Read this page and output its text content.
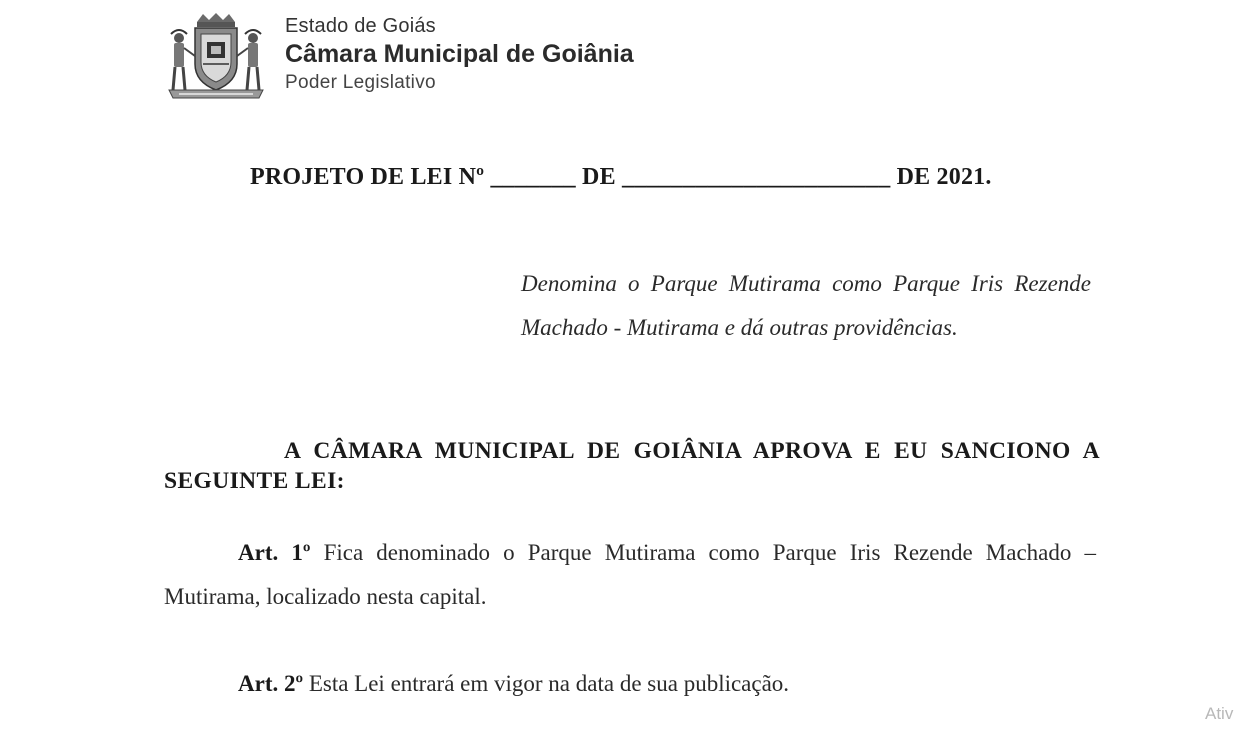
Estado de Goiás
Câmara Municipal de Goiânia
Poder Legislativo
PROJETO DE LEI Nº _______ DE ______________________ DE 2021.
Denomina o Parque Mutirama como Parque Iris Rezende Machado - Mutirama e dá outras providências.
A CÂMARA MUNICIPAL DE GOIÂNIA APROVA E EU SANCIONO A SEGUINTE LEI:
Art. 1º Fica denominado o Parque Mutirama como Parque Iris Rezende Machado – Mutirama, localizado nesta capital.
Art. 2º Esta Lei entrará em vigor na data de sua publicação.
Ativ
